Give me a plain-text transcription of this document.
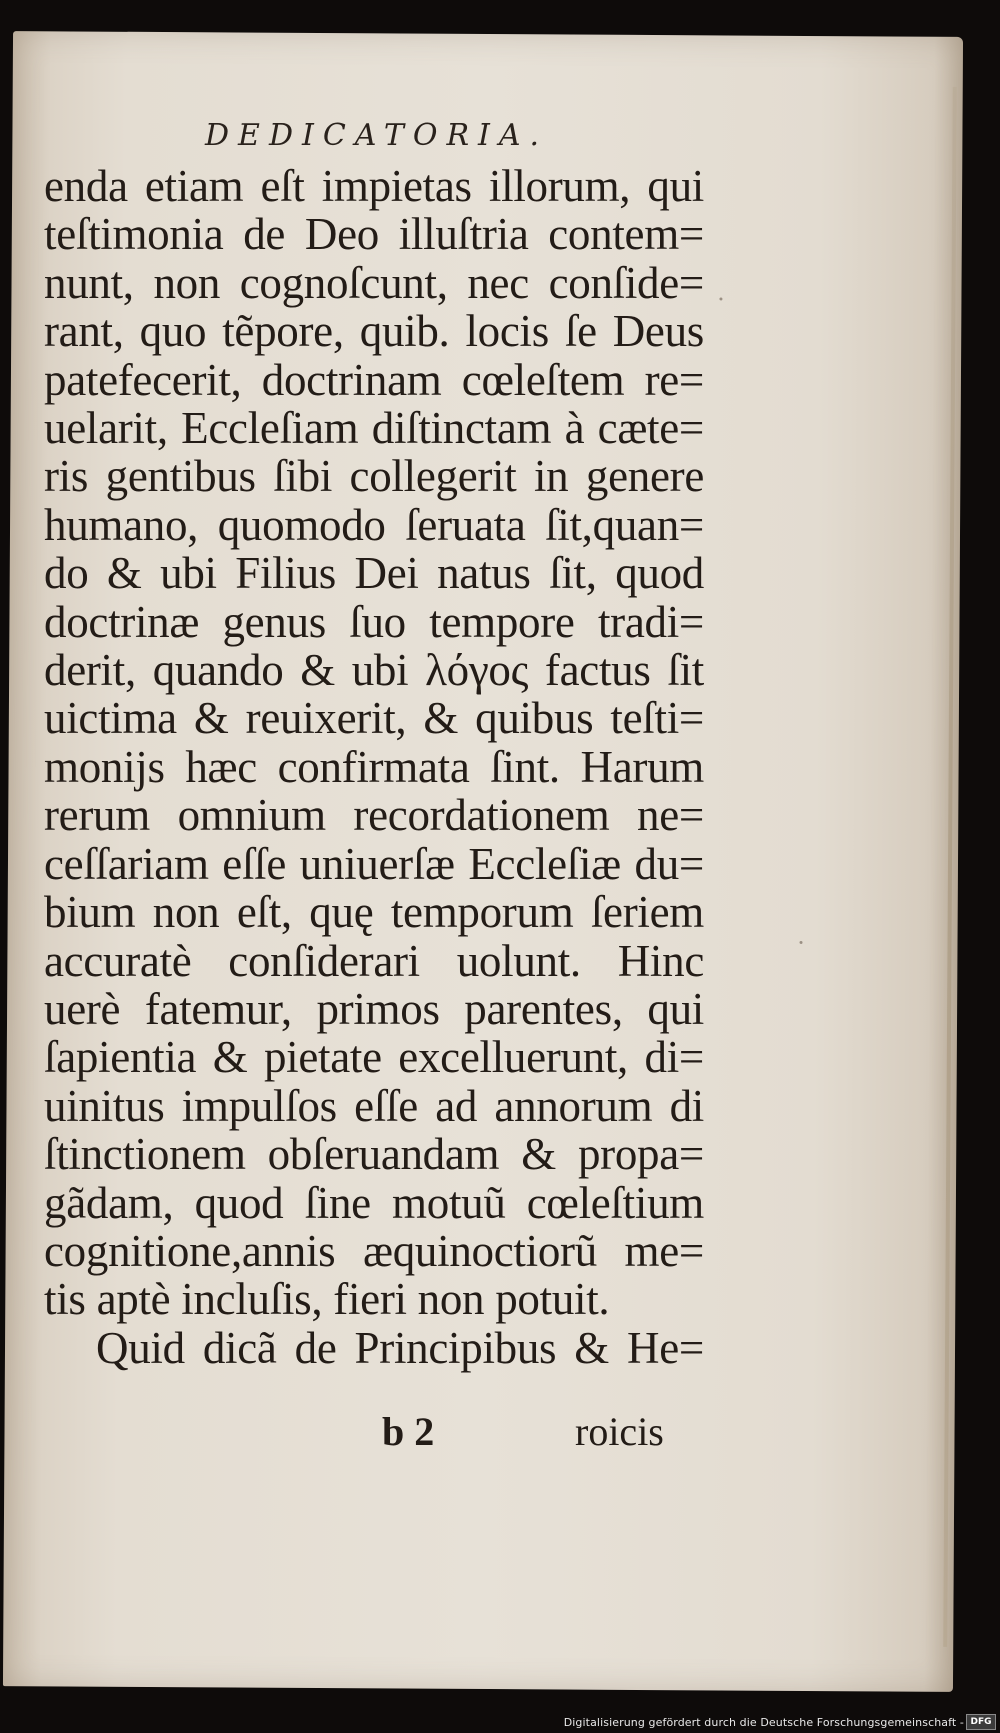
DEDICATORIA.
enda etiam eſt impietas illorum, qui
teſtimonia de Deo illuſtria contem=
nunt, non cognoſcunt, nec conſide=
rant, quo tẽpore, quib. locis ſe Deus
patefecerit, doctrinam cœleſtem re=
uelarit, Eccleſiam diſtinctam à cæte=
ris gentibus ſibi collegerit in genere
humano, quomodo ſeruata ſit,quan=
do & ubi Filius Dei natus ſit, quod
doctrinæ genus ſuo tempore tradi=
derit, quando & ubi λόγος factus ſit
uictima & reuixerit, & quibus teſti=
monijs hæc confirmata ſint. Harum
rerum omnium recordationem ne=
ceſſariam eſſe uniuerſæ Eccleſiæ du=
bium non eſt, quę temporum ſeriem
accuratè conſiderari uolunt. Hinc
uerè fatemur, primos parentes, qui
ſapientia & pietate excelluerunt, di=
uinitus impulſos eſſe ad annorum di
ſtinctionem obſeruandam & propa=
gãdam, quod ſine motuũ cœleſtium
cognitione,annis æquinoctiorũ me=
tis aptè incluſis, fieri non potuit.
Quid dicã de Principibus & He=
b 2	roicis
Digitalisierung gefördert durch die Deutsche Forschungsgemeinschaft - DFG
